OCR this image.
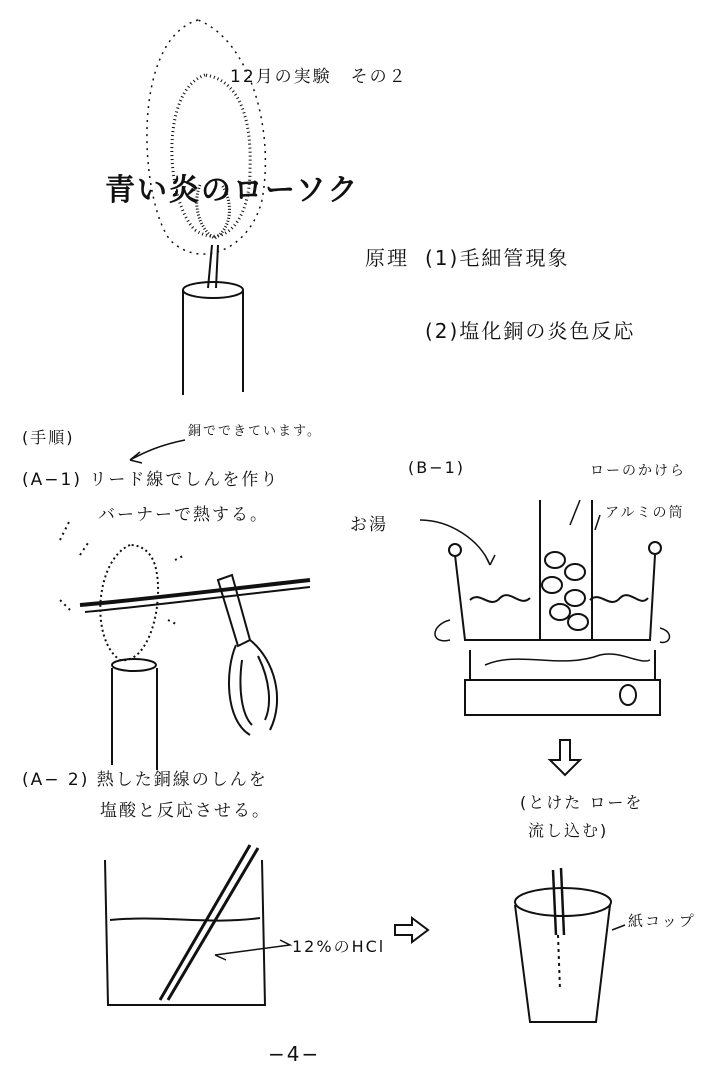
12月の実験　その２
青い炎のローソク
原理 (1)毛細管現象
(2)塩化銅の炎色反応
(手順)	銅でできています。
(A−1) リード線でしんを作り
バーナーで熱する。
(B−1)	ローのかけら
お湯
アルミの筒
(A− 2) 熱した銅線のしんを
塩酸と反応させる。
12%のHCl
(とけた ローを
流し込む)
紙コップ
−4−
